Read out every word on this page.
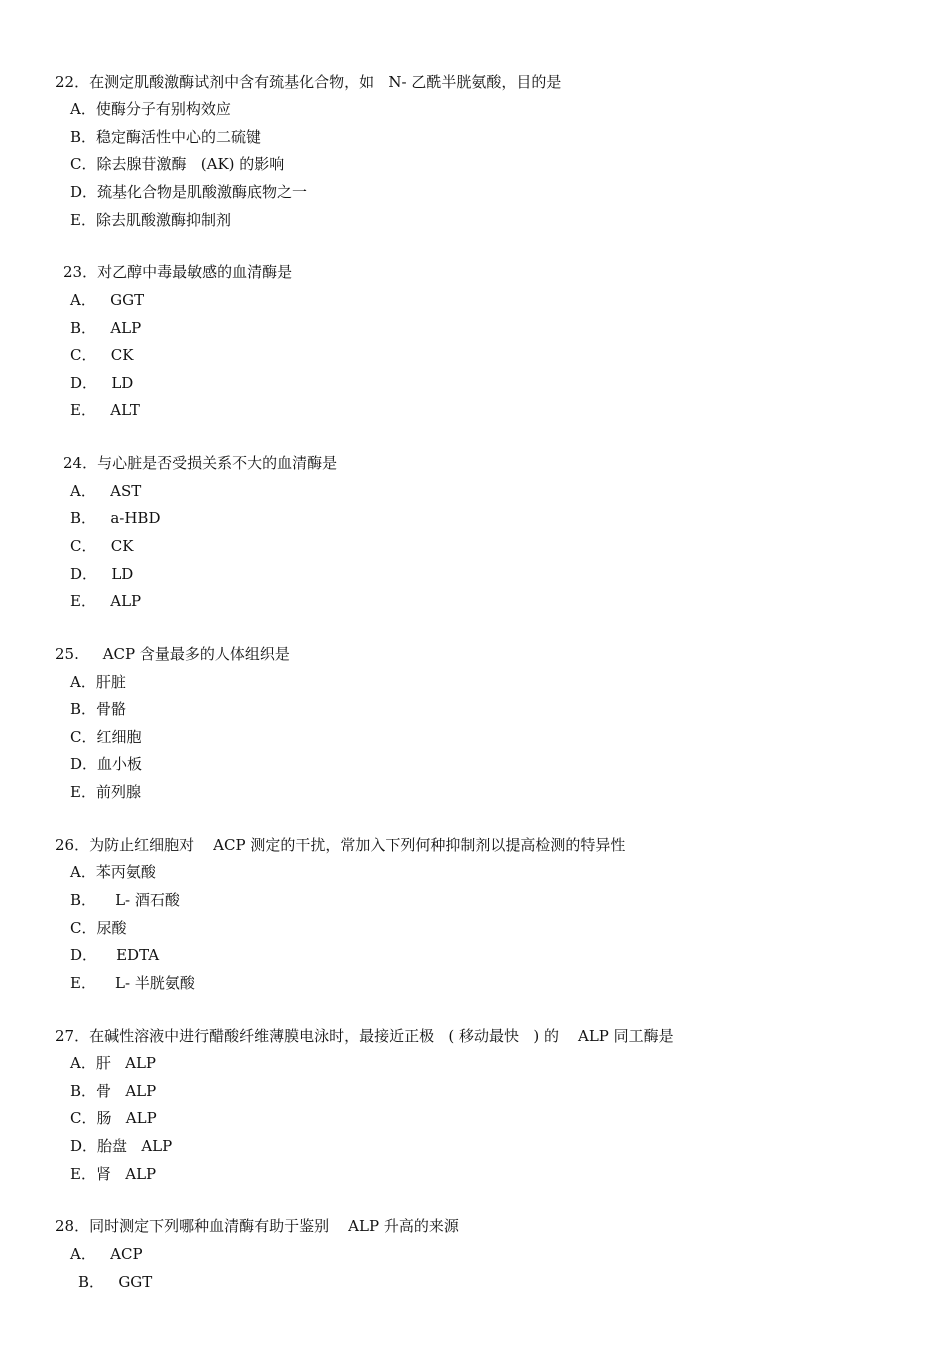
22．在测定肌酸激酶试剂中含有巯基化合物，如   N- 乙酰半胱氨酸，目的是
A．使酶分子有别构效应
B．稳定酶活性中心的二硫键
C．除去腺苷激酶   (AK) 的影响
D．巯基化合物是肌酸激酶底物之一
E．除去肌酸激酶抑制剂
23．对乙醇中毒最敏感的血清酶是
A．   GGT
B．   ALP
C．   CK
D．   LD
E．   ALT
24．与心脏是否受损关系不大的血清酶是
A．   AST
B．   a-HBD
C．   CK
D．   LD
E．   ALP
25.     ACP 含量最多的人体组织是
A．肝脏
B．骨骼
C．红细胞
D．血小板
E．前列腺
26．为防止红细胞对    ACP 测定的干扰，常加入下列何种抑制剂以提高检测的特异性
A．苯丙氨酸
B．    L- 酒石酸
C．尿酸
D．    EDTA
E．    L- 半胱氨酸
27．在碱性溶液中进行醋酸纤维薄膜电泳时，最接近正极   ( 移动最快   ) 的    ALP 同工酶是
A．肝   ALP
B．骨   ALP
C．肠   ALP
D．胎盘   ALP
E．肾   ALP
28．同时测定下列哪种血清酶有助于鉴别    ALP 升高的来源
A．   ACP
B．   GGT
